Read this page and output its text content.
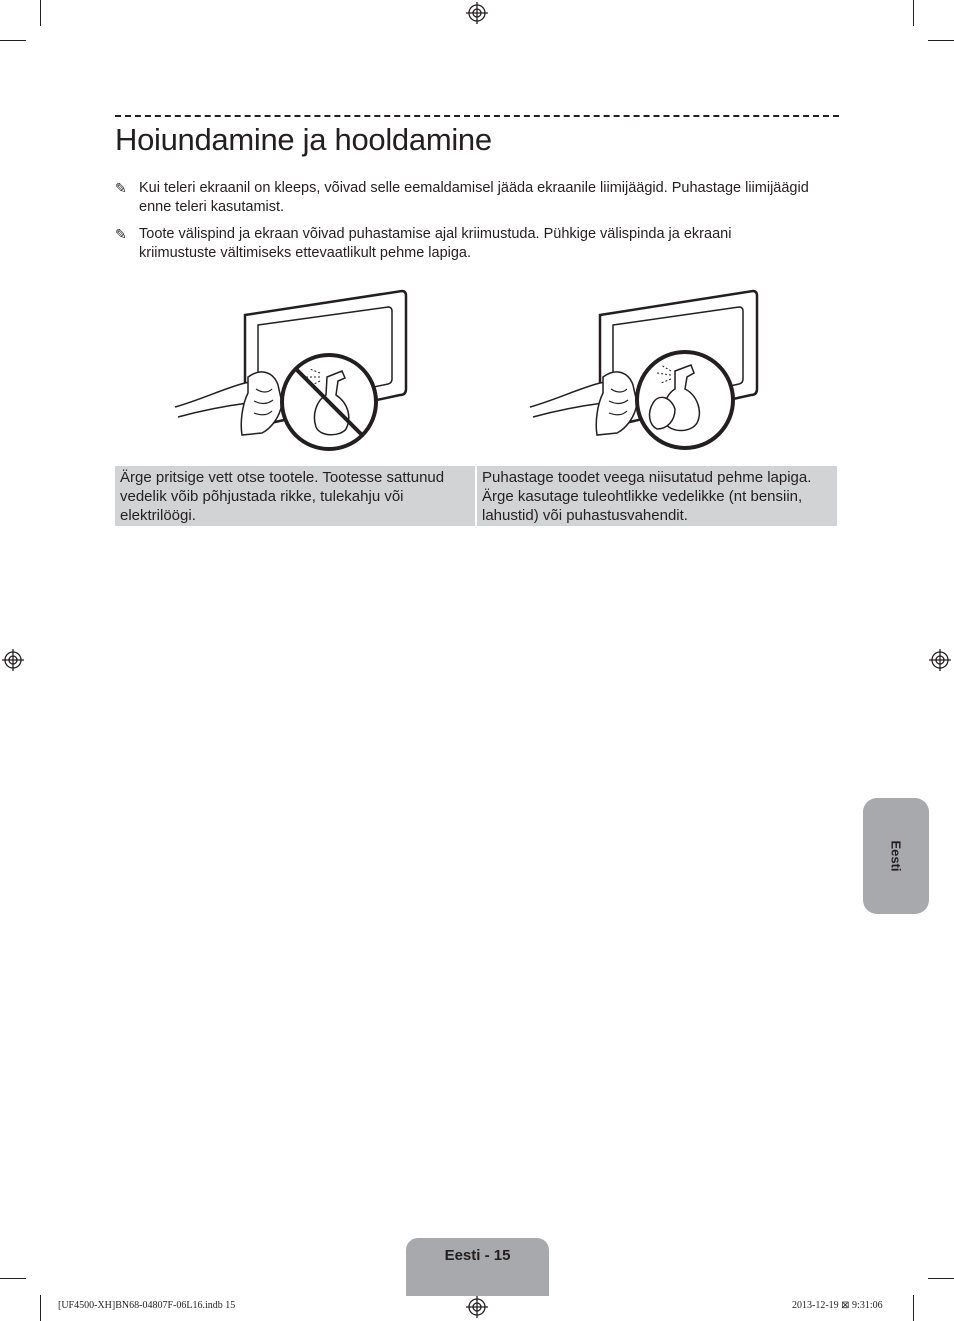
Hoiundamine ja hooldamine
✎ Kui teleri ekraanil on kleeps, võivad selle eemaldamisel jääda ekraanile liimijäägid. Puhastage liimijäägid enne teleri kasutamist.
✎ Toote välispind ja ekraan võivad puhastamise ajal kriimustuda. Pühkige välispinda ja ekraani kriimustuste vältimiseks ettevaatlikult pehme lapiga.
Ärge pritsige vett otse tootele. Tootesse sattunud vedelik võib põhjustada rikke, tulekahju või elektrilöögi.
Puhastage toodet veega niisutatud pehme lapiga. Ärge kasutage tuleohtlikke vedelikke (nt bensiin, lahustid) või puhastusvahendit.
Eesti
Eesti - 15
[UF4500-XH]BN68-04807F-06L16.indb 15	2013-12-19 ⊠ 9:31:06
